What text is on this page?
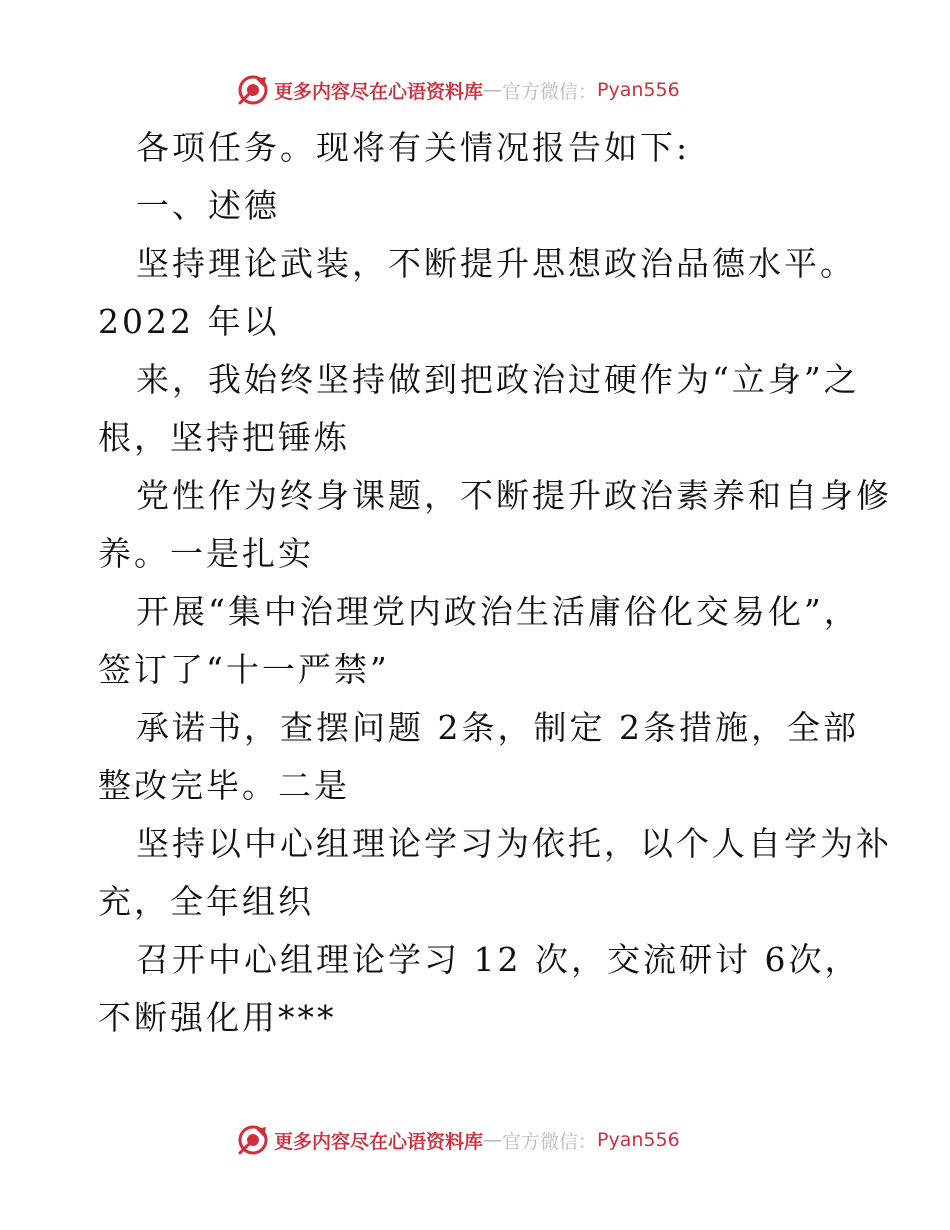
更多内容尽在心语资料库 — 官方微信： Pyan556
各项任务。现将有关情况报告如下:
一、述德
坚持理论武装，不断提升思想政治品德水平。
2022 年以
来，我始终坚持做到把政治过硬作为“立身”之
根，坚持把锤炼
党性作为终身课题，不断提升政治素养和自身修
养。一是扎实
开展“集中治理党内政治生活庸俗化交易化”，
签订了“十一严禁”
承诺书，查摆问题 2条，制定 2条措施，全部
整改完毕。二是
坚持以中心组理论学习为依托，以个人自学为补
充，全年组织
召开中心组理论学习 12 次，交流研讨 6次，
不断强化用***
更多内容尽在心语资料库 — 官方微信： Pyan556
